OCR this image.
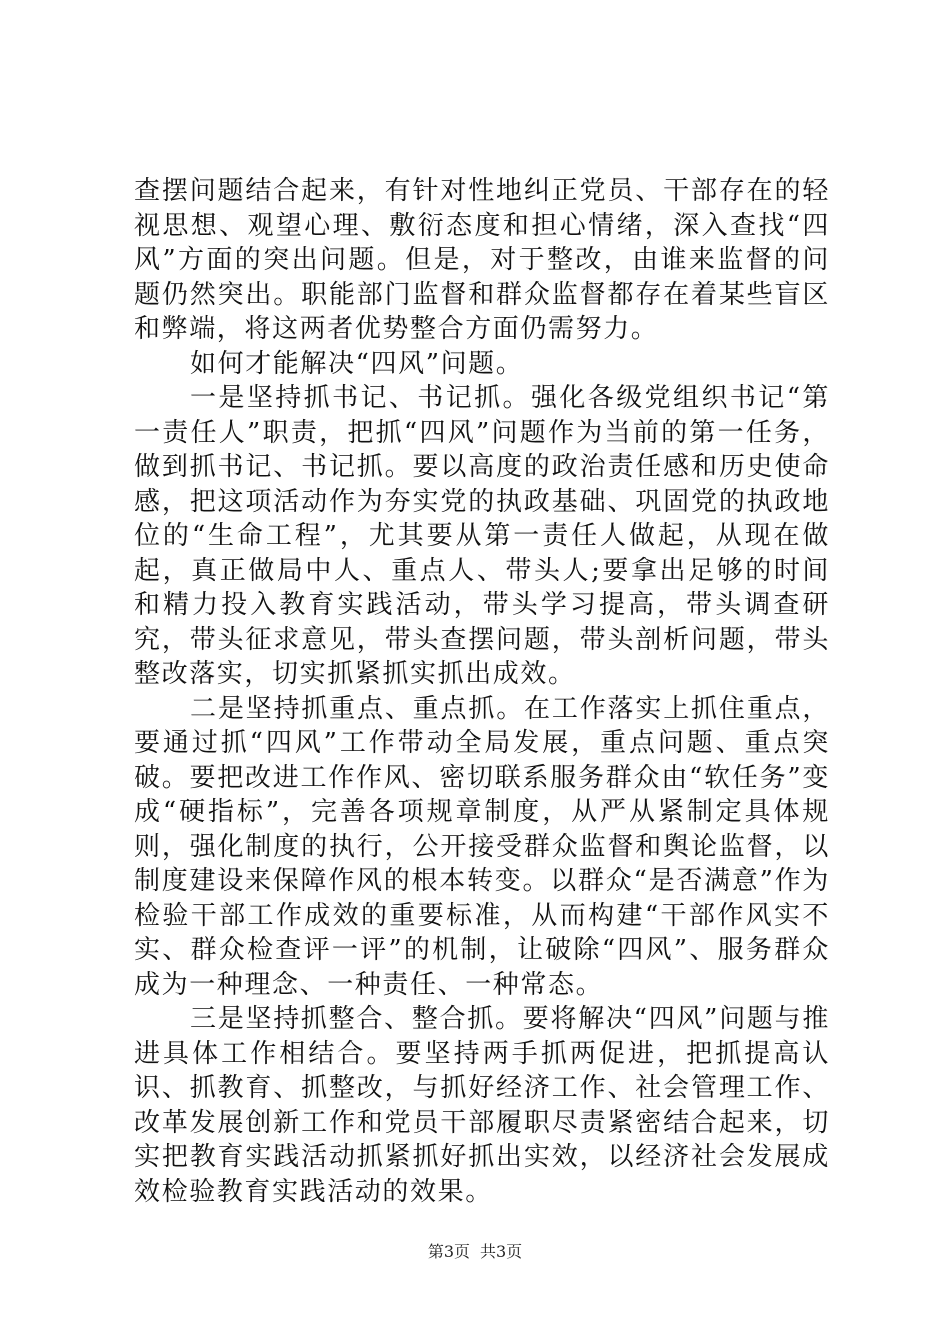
查摆问题结合起来，有针对性地纠正党员、干部存在的轻视思想、观望心理、敷衍态度和担心情绪，深入查找“四风”方面的突出问题。但是，对于整改，由谁来监督的问题仍然突出。职能部门监督和群众监督都存在着某些盲区和弊端，将这两者优势整合方面仍需努力。

如何才能解决“四风”问题。

一是坚持抓书记、书记抓。强化各级党组织书记“第一责任人”职责，把抓“四风”问题作为当前的第一任务，做到抓书记、书记抓。要以高度的政治责任感和历史使命感，把这项活动作为夯实党的执政基础、巩固党的执政地位的“生命工程”，尤其要从第一责任人做起，从现在做起，真正做局中人、重点人、带头人;要拿出足够的时间和精力投入教育实践活动，带头学习提高，带头调查研究，带头征求意见，带头查摆问题，带头剖析问题，带头整改落实，切实抓紧抓实抓出成效。

二是坚持抓重点、重点抓。在工作落实上抓住重点，要通过抓“四风”工作带动全局发展，重点问题、重点突破。要把改进工作作风、密切联系服务群众由“软任务”变成“硬指标”，完善各项规章制度，从严从紧制定具体规则，强化制度的执行，公开接受群众监督和舆论监督，以制度建设来保障作风的根本转变。以群众“是否满意”作为检验干部工作成效的重要标准，从而构建“干部作风实不实、群众检查评一评”的机制，让破除“四风”、服务群众成为一种理念、一种责任、一种常态。

三是坚持抓整合、整合抓。要将解决“四风”问题与推进具体工作相结合。要坚持两手抓两促进，把抓提高认识、抓教育、抓整改，与抓好经济工作、社会管理工作、改革发展创新工作和党员干部履职尽责紧密结合起来，切实把教育实践活动抓紧抓好抓出实效，以经济社会发展成效检验教育实践活动的效果。

第3页 共3页
